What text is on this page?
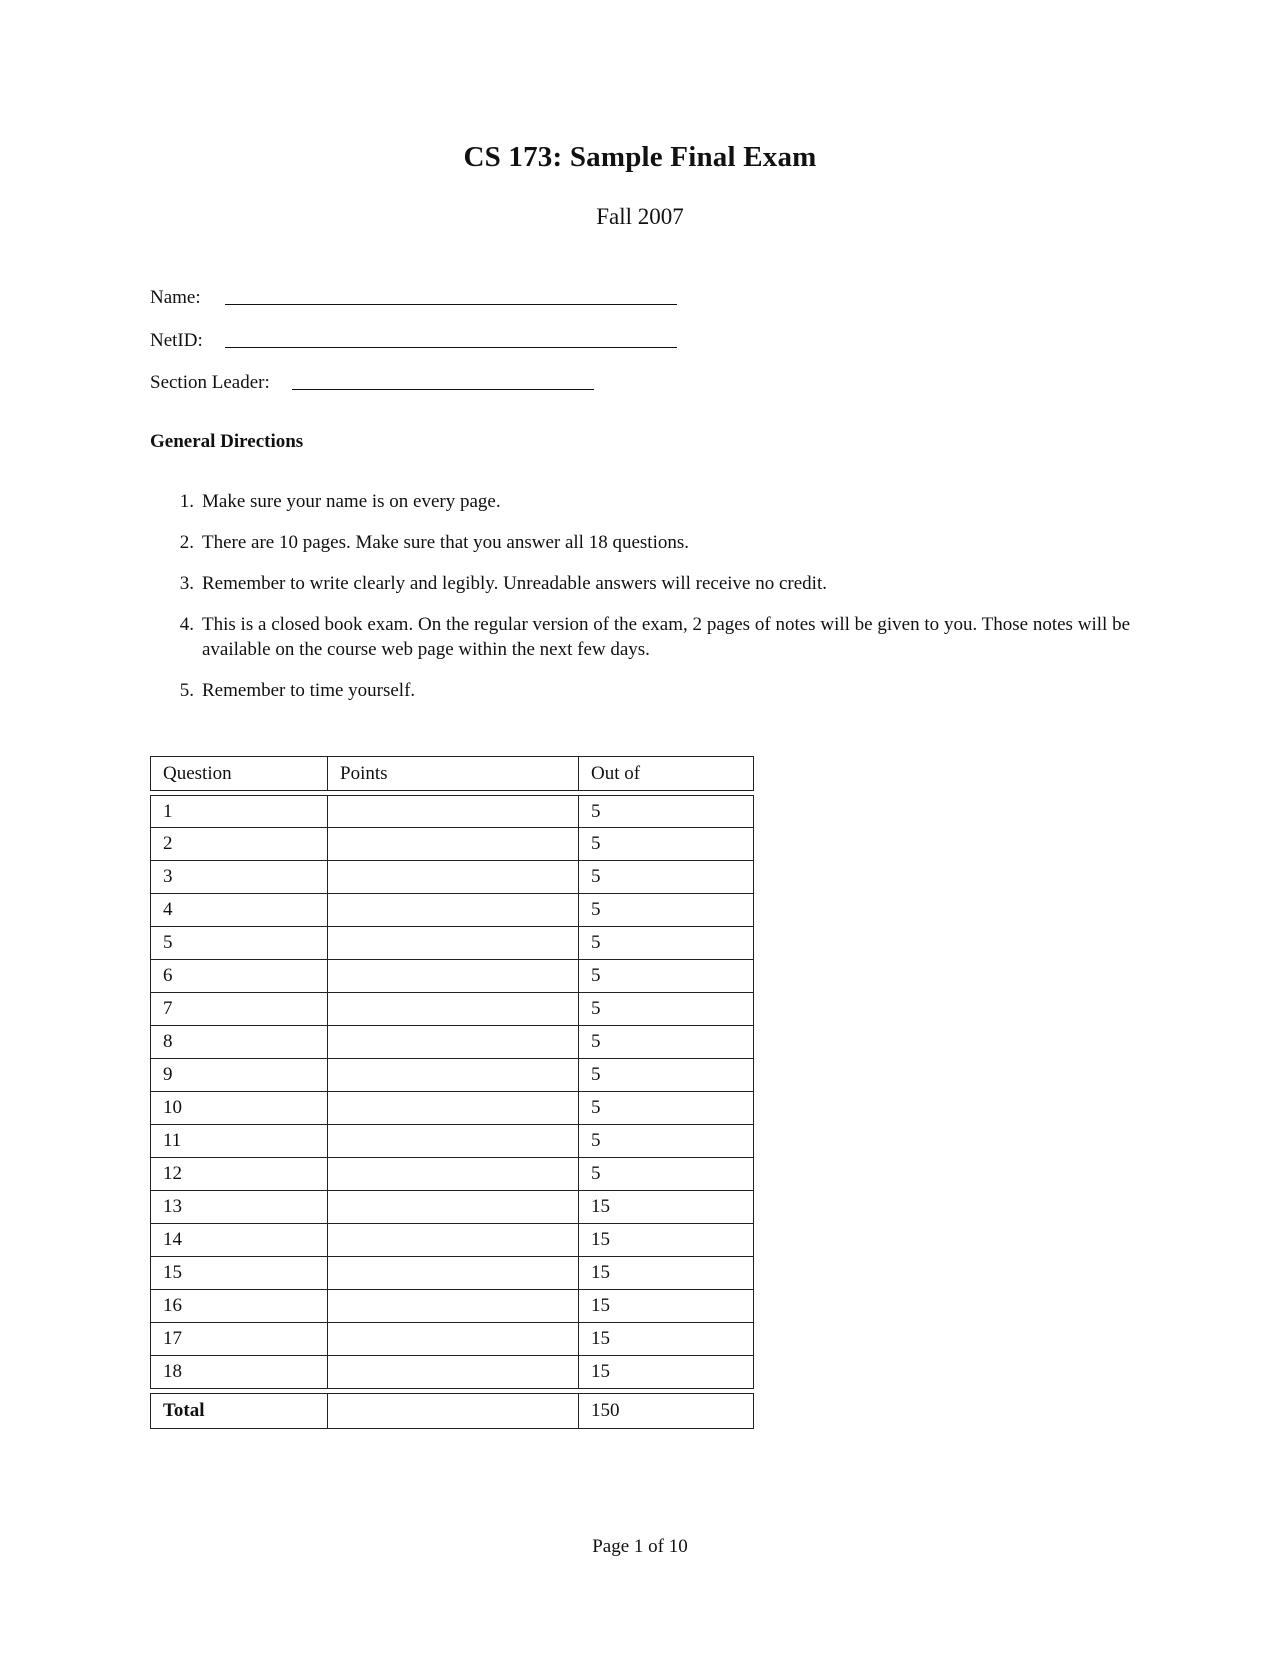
CS 173: Sample Final Exam
Fall 2007
Name:
NetID:
Section Leader:
General Directions
1. Make sure your name is on every page.
2. There are 10 pages. Make sure that you answer all 18 questions.
3. Remember to write clearly and legibly. Unreadable answers will receive no credit.
4. This is a closed book exam. On the regular version of the exam, 2 pages of notes will be given to you. Those notes will be available on the course web page within the next few days.
5. Remember to time yourself.
Question	Points	Out of

1		5
2		5
3		5
4		5
5		5
6		5
7		5
8		5
9		5
10		5
11		5
12		5
13		15
14		15
15		15
16		15
17		15
18		15

Total		150
Page 1 of 10
